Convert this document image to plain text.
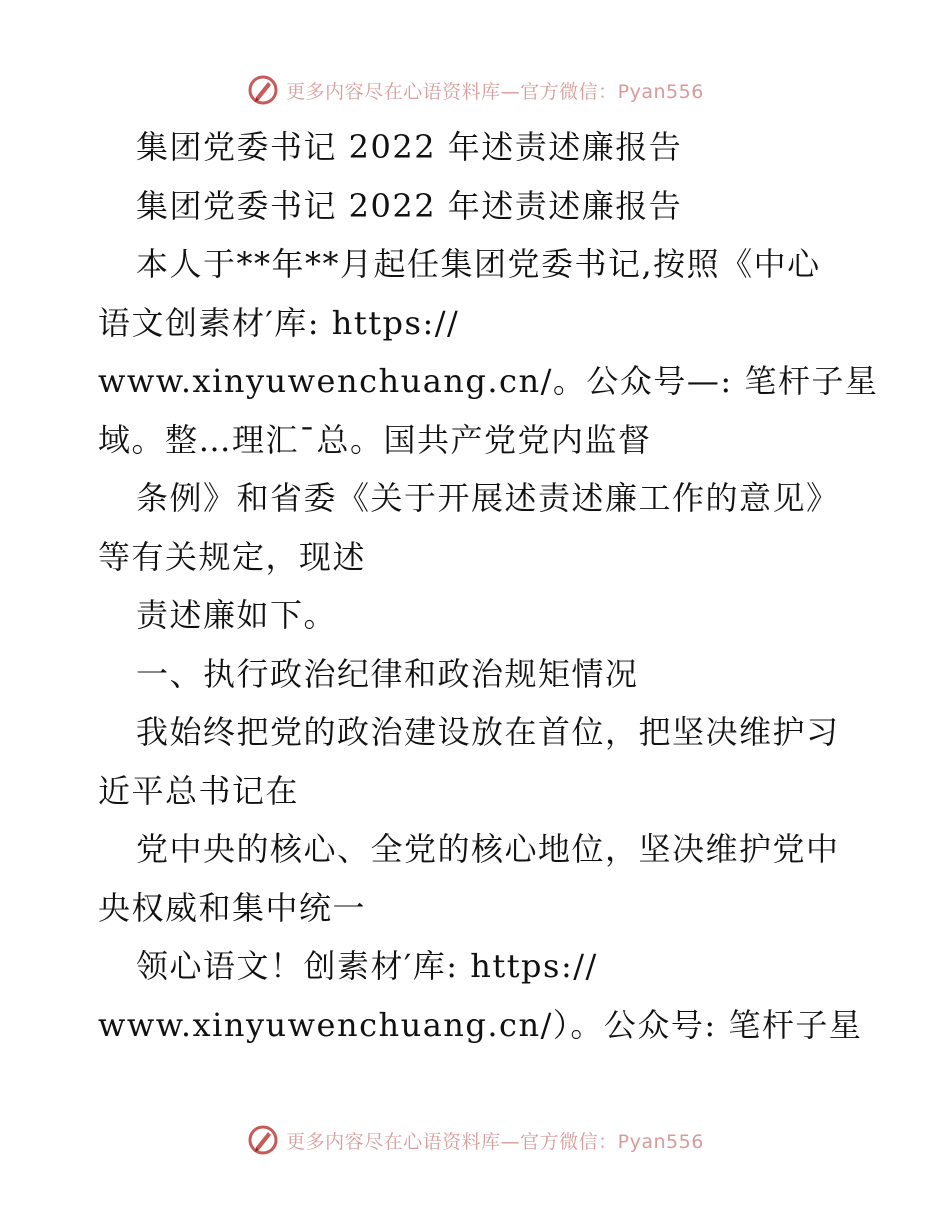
更多内容尽在心语资料库—官方微信：Pyan556
集团党委书记 2022 年述责述廉报告
集团党委书记 2022 年述责述廉报告
本人于**年**月起任集团党委书记,按照《中心
语文创素材′库: https://
www.xinyuwenchuang.cn/。公众号—: 笔杆子星
域。整…理汇¯总。国共产党党内监督
条例》和省委《关于开展述责述廉工作的意见》
等有关规定，现述
责述廉如下。
一、执行政治纪律和政治规矩情况
我始终把党的政治建设放在首位，把坚决维护习
近平总书记在
党中央的核心、全党的核心地位，坚决维护党中
央权威和集中统一
领心语文！创素材′库: https://
www.xinyuwenchuang.cn/）。公众号: 笔杆子星
更多内容尽在心语资料库—官方微信：Pyan556
